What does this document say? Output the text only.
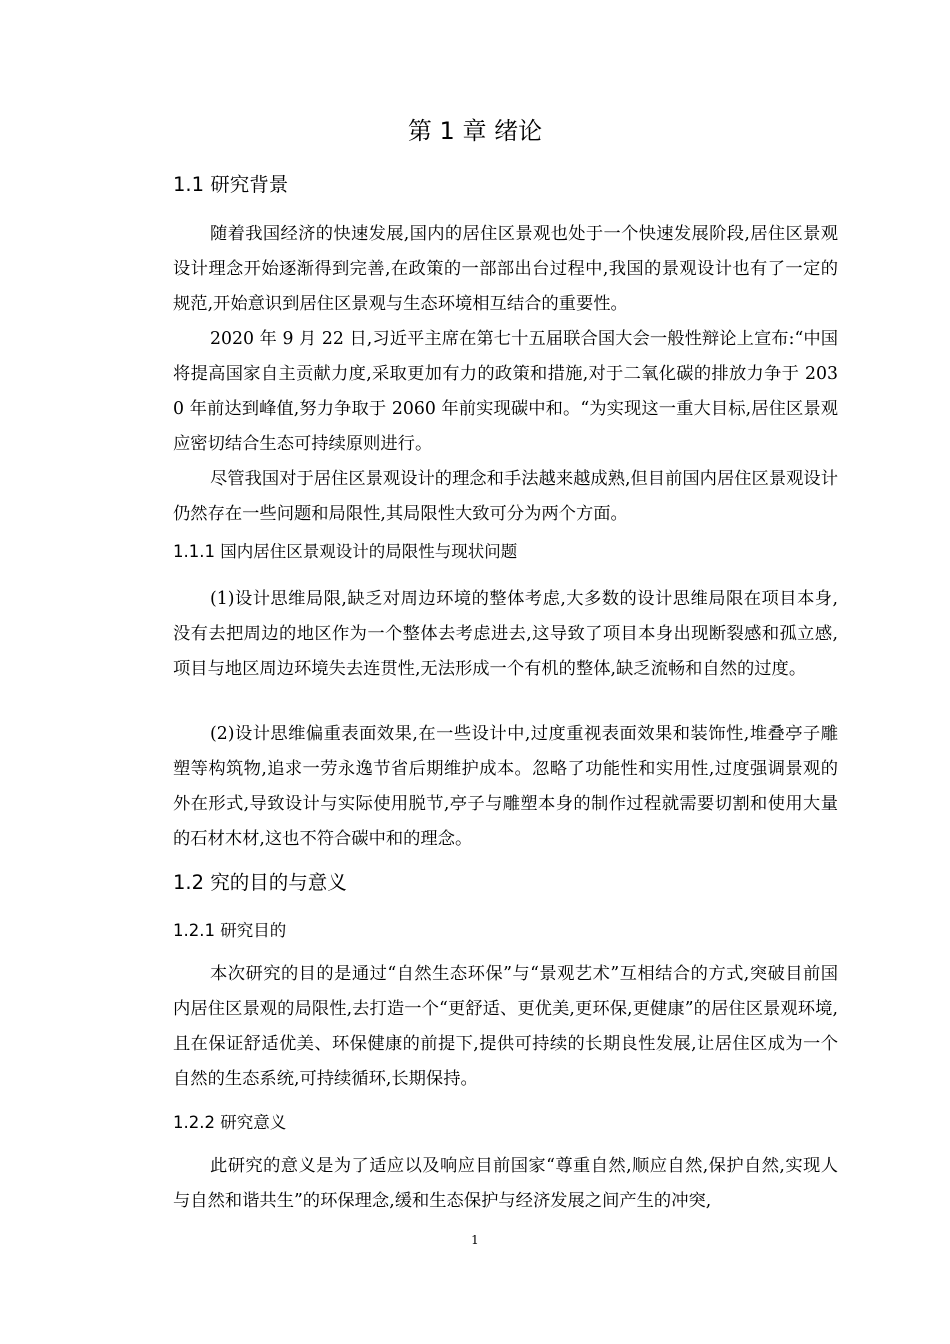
第 1 章 绪论
1.1 研究背景

随着我国经济的快速发展,国内的居住区景观也处于一个快速发展阶段,居住区景观设计理念开始逐渐得到完善,在政策的一部部出台过程中,我国的景观设计也有了一定的规范,开始意识到居住区景观与生态环境相互结合的重要性。

2020 年 9 月 22 日,习近平主席在第七十五届联合国大会一般性辩论上宣布:“中国将提高国家自主贡献力度,采取更加有力的政策和措施,对于二氧化碳的排放力争于 2030 年前达到峰值,努力争取于 2060 年前实现碳中和。“为实现这一重大目标,居住区景观应密切结合生态可持续原则进行。

尽管我国对于居住区景观设计的理念和手法越来越成熟,但目前国内居住区景观设计仍然存在一些问题和局限性,其局限性大致可分为两个方面。

1.1.1 国内居住区景观设计的局限性与现状问题

(1)设计思维局限,缺乏对周边环境的整体考虑,大多数的设计思维局限在项目本身,没有去把周边的地区作为一个整体去考虑进去,这导致了项目本身出现断裂感和孤立感,项目与地区周边环境失去连贯性,无法形成一个有机的整体,缺乏流畅和自然的过度。

(2)设计思维偏重表面效果,在一些设计中,过度重视表面效果和装饰性,堆叠亭子雕塑等构筑物,追求一劳永逸节省后期维护成本。忽略了功能性和实用性,过度强调景观的外在形式,导致设计与实际使用脱节,亭子与雕塑本身的制作过程就需要切割和使用大量的石材木材,这也不符合碳中和的理念。

1.2 究的目的与意义
1.2.1 研究目的

本次研究的目的是通过“自然生态环保”与“景观艺术”互相结合的方式,突破目前国内居住区景观的局限性,去打造一个“更舒适、更优美,更环保,更健康”的居住区景观环境,且在保证舒适优美、环保健康的前提下,提供可持续的长期良性发展,让居住区成为一个自然的生态系统,可持续循环,长期保持。

1.2.2 研究意义

此研究的意义是为了适应以及响应目前国家“尊重自然,顺应自然,保护自然,实现人与自然和谐共生”的环保理念,缓和生态保护与经济发展之间产生的冲突,

1
